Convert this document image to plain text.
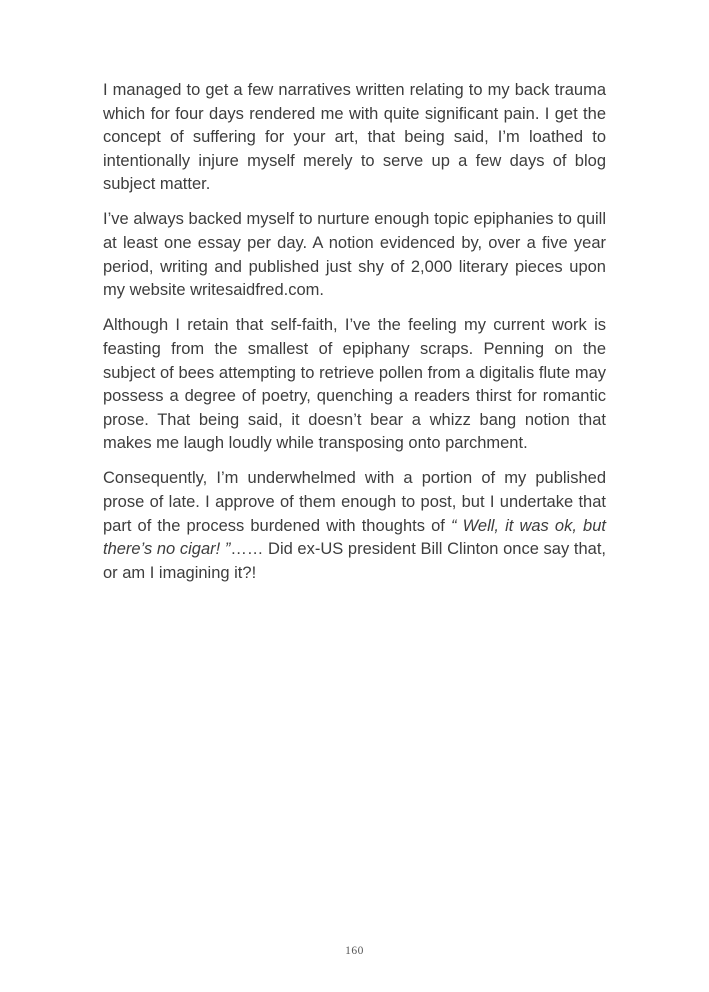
I managed to get a few narratives written relating to my back trauma which for four days rendered me with quite significant pain. I get the concept of suffering for your art, that being said, I’m loathed to intentionally injure myself merely to serve up a few days of blog subject matter.

I’ve always backed myself to nurture enough topic epiphanies to quill at least one essay per day. A notion evidenced by, over a five year period, writing and published just shy of 2,000 literary pieces upon my website writesaidfred.com.

Although I retain that self-faith, I’ve the feeling my current work is feasting from the smallest of epiphany scraps. Penning on the subject of bees attempting to retrieve pollen from a digitalis flute may possess a degree of poetry, quenching a readers thirst for romantic prose. That being said, it doesn’t bear a whizz bang notion that makes me laugh loudly while transposing onto parchment.

Consequently, I’m underwhelmed with a portion of my published prose of late. I approve of them enough to post, but I undertake that part of the process burdened with thoughts of “ Well, it was ok, but there’s no cigar! ”…… Did ex-US president Bill Clinton once say that, or am I imagining it?!

160
